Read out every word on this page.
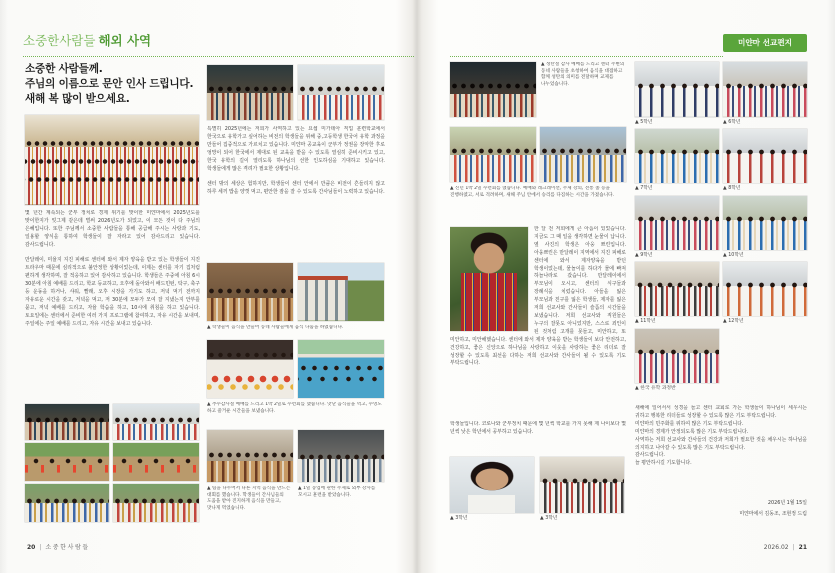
소중한사람들 해외 사역
소중한 사람들께.
주님의 이름으로 문안 인사 드립니다.
새해 복 많이 받으세요.

몇 년간 계속되는 군부 정치로 경제 위기를 맞이한 미얀마에서 2025년도를 맞이한지가 엊그제 같은데 벌써 2026년도가 되었고, 이 모든 것이 다 주님의 은혜입니다. 또한 주님께서 소중한 사람들을 통해 공급해 주시는 사랑과 기도, 일용할 양식을 통하여 학생들이 잘 자라고 있어 감사드리고 있습니다. 감사드립니다.

만달레이, 미율지 지진 피해로 센터에 와서 제자 양육을 받고 있는 학생들이 지진 트라우마 때문에 심리적으로 불안정한 상황이었는데, 이제는 센터를 자기 집처럼 편하게 생각하며, 잘 적응하고 있어 감사하고 있습니다. 학생들은 주중에 아침 6시 30분에 아침 예배를 드리고, 학교 등교하고, 오후에 돌아와서 배드민턴, 탁구, 축구 등 운동을 하거나, 샤워, 빨래, 오후 시장을 가기도 하고, 저녁 먹기 전까지 자유로운 시간을 갖고, 저녁을 먹고, 저 30분에 모두가 모여 잘 지냈는지 안부를 묻고, 저녁 예배를 드리고, 자율 학습을 하고, 10시에 취침을 하고 있습니다. 토요일에는 센터에서 준비한 여러 가지 프로그램에 참여하고, 자유 시간을 보내며, 주일에는 주일 예배를 드리고, 자유 시간을 보내고 있습니다.

특별히 2025년에는 저희가 사역하고 있는 요셉 미가데아 직업 훈련학교에서 한국으로 유학가고 싶어하는 비전의 학생들을 위해 중,고등학생 한국어 유학 과정을 만들어 집중적으로 가르치고 있습니다. 미얀마 공교육이 군부가 정권을 장악한 후로 엉망이 되어 한국에서 제대로 된 교육을 받을 수 있도록 열심히 준비시키고 있고, 한국 유학의 길이 열리도록 하나님의 선한 인도하심을 기대하고 있습니다. 학생들에게 많은 격려가 필요한 상황입니다.

센터 밖의 세상은 험하지만, 학생들이 센터 안에서 만큼은 비전이 흔들리지 않고 하루 세끼 밥을 양껏 먹고, 편안한 잠을 잘 수 있도록 간사님들이 노력하고 있습니다.

▲ 학생들이 음식을 만들어 동네 사람들에게 음식 나눔을 하였습니다.
▲ 추수감사절 예배를 드리고 1박 2일로 수련회를 했습니다. 맛난 음식들을 먹고, 수영도 하고 즐거운 시간들을 보냈습니다.
▲ 팀을 나누어서 다른 지역 음식을 만드는 대회를 했습니다. 학생들이 간사님들의 도움을 받아 진지하게 음식을 만들고, 맛나게 먹었습니다.
▲ 1일 농업에 관한 주제로 외부 강사를 모시고 훈련을 받았습니다.
20 | 소중한사람들
미얀마 선교편지
▲ 성탄절 감사 예배를 드리고 센터 주변의 동네 사람들을 초청하여 음식을 대접하고 함께 성탄의 의미를 전달하며 교제를 나누었습니다.
▲ 신년 1박 2일 수련회를 했습니다. 예배와 레크레이션, 주제 강의, 전통 춤 등을 진행하였고, 서로 격려하며, 새해 주님 안에서 승리를 다짐하는 시간을 가졌습니다.
한 달 전 저희에게 큰 아픔이 있었습니다. 지금도 그 때 일을 생각하면 눈물이 납니다. 옆 사진의 학생은 아웅 쁘린입니다. 아웅쁘린은 만달레이 지역에서 지진 피해로 센터에 와서 제자양육을 받던 학생이었는데, 물놀이를 하다가 물에 빠져 하늘나라로 갔습니다. 만달레이에서 부모님이 오시고, 센터의 식구들과 장례식을 치렀습니다. 아들을 잃은 부모님과 친구를 잃은 학생들, 제자를 잃은 저희 선교사와 간사들이 슬픔의 시간들을 보냈습니다. 저희 선교사와 직원들은 누구의 잘못도 아니었지만, 스스로 죄인이 된 것처럼 고개를 못들고, 미안하고, 또 미안하고, 미안해했습니다. 센터에 와서 제자 양육을 받는 학생들이 보다 안전하고, 건강하고, 좋은 신앙으로 하나님을 사랑하고 이웃을 사랑하는 좋은 리더로 잘 성장할 수 있도록 최선을 다하는 저희 선교사와 간사들이 될 수 있도록 기도 부탁드립니다.
학생들입니다. 코로나와 군부정치 때문에 몇 년씩 학교를 가지 못해 제 나이보다 몇 년씩 낮은 학년에서 공부하고 있습니다.
▲ 3학년	▲ 3학년
▲ 5학년	▲ 6학년
▲ 7학년	▲ 8학년
▲ 9학년	▲ 10학년
▲ 11학년	▲ 12학년
▲ 한국 유학 과정반

새해에 일어서서 성경을 들고 센터 교회로 가는 학생들이 하나님이 세우시는 귀하고 행복한 리더들로 성장할 수 있도록 많은 기도 부탁드립니다.

미얀마의 민주화를 위하여 많은 기도 부탁드립니다.

미얀마의 경제가 안정되도록 많은 기도 부탁드립니다.

사역하는 저희 선교사와 간사들의 건강과 저희가 필요한 것을 채우시는 하나님을 의지하고 나아갈 수 있도록 많은 기도 부탁드립니다.

감사드립니다.

늘 평안하시길 기도합니다.

2026년 1월 15일
미얀마에서 김동조, 조현정 드림
2026.02 | 21
